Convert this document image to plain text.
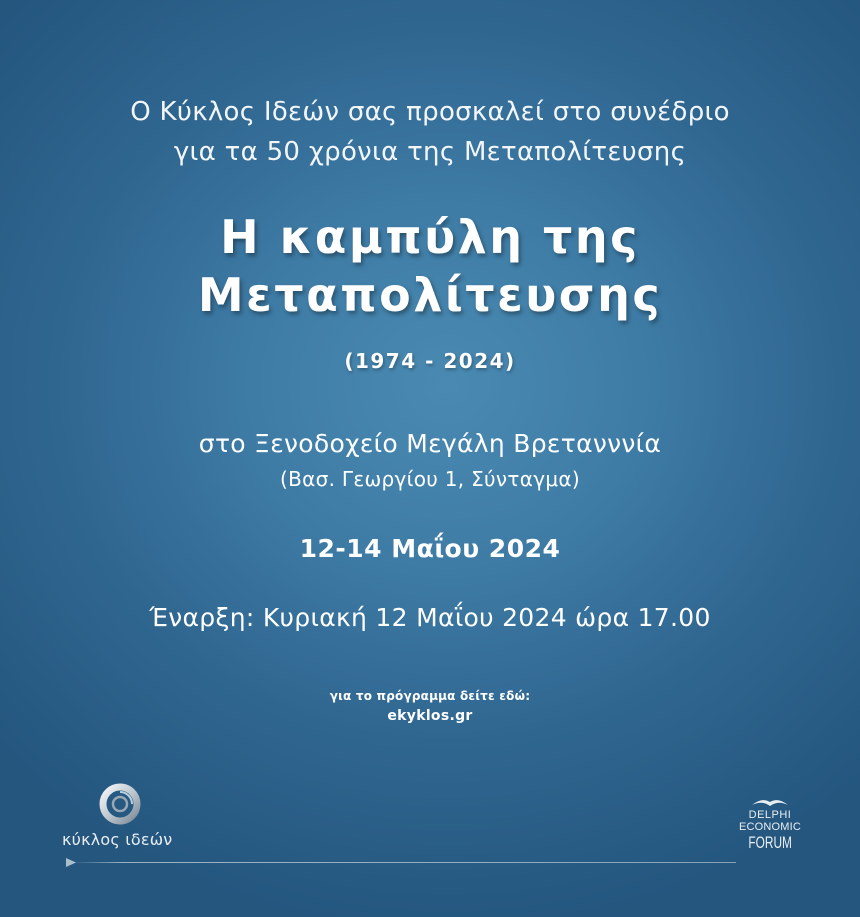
Ο Κύκλος Ιδεών σας προσκαλεί στο συνέδριο
για τα 50 χρόνια της Μεταπολίτευσης
Η καμπύλη της
Μεταπολίτευσης
(1974 - 2024)
στο Ξενοδοχείο Μεγάλη Βρετανννία
(Βασ. Γεωργίου 1, Σύνταγμα)
12-14 Μαΐου 2024
Έναρξη: Κυριακή 12 Μαΐου 2024 ώρα 17.00
για το πρόγραμμα δείτε εδώ:
ekyklos.gr
κύκλος ιδεών
DELPHI
ECONOMIC
FORUM
